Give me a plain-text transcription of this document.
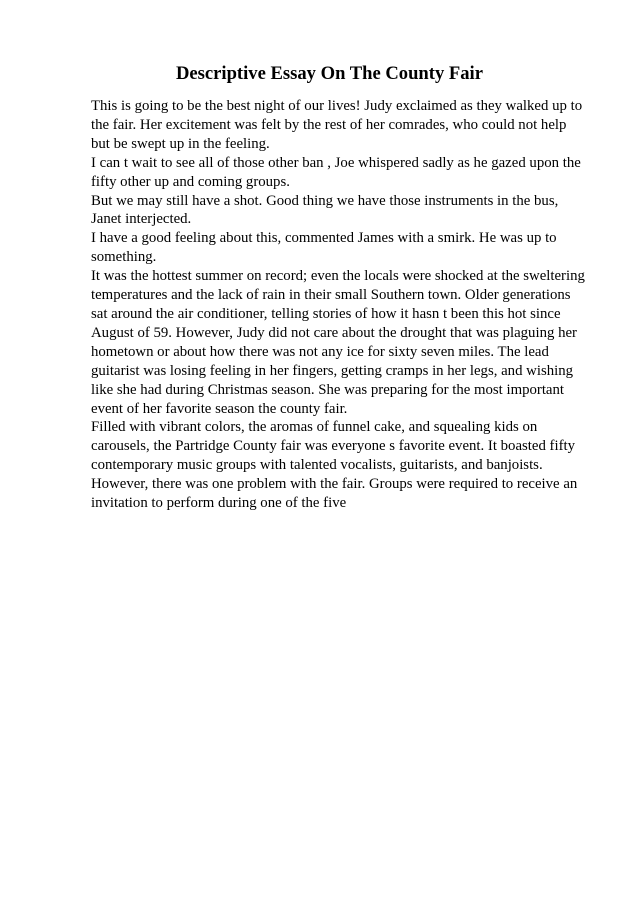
Descriptive Essay On The County Fair

This is going to be the best night of our lives! Judy exclaimed as they walked up to the fair. Her excitement was felt by the rest of her comrades, who could not help but be swept up in the feeling.

I can t wait to see all of those other ban , Joe whispered sadly as he gazed upon the fifty other up and coming groups.

But we may still have a shot. Good thing we have those instruments in the bus, Janet interjected.

I have a good feeling about this, commented James with a smirk. He was up to something.

It was the hottest summer on record; even the locals were shocked at the sweltering temperatures and the lack of rain in their small Southern town. Older generations sat around the air conditioner, telling stories of how it hasn t been this hot since August of 59. However, Judy did not care about the drought that was plaguing her hometown or about how there was not any ice for sixty seven miles. The lead guitarist was losing feeling in her fingers, getting cramps in her legs, and wishing like she had during Christmas season. She was preparing for the most important event of her favorite season the county fair.

Filled with vibrant colors, the aromas of funnel cake, and squealing kids on carousels, the Partridge County fair was everyone s favorite event. It boasted fifty contemporary music groups with talented vocalists, guitarists, and banjoists. However, there was one problem with the fair. Groups were required to receive an invitation to perform during one of the five
